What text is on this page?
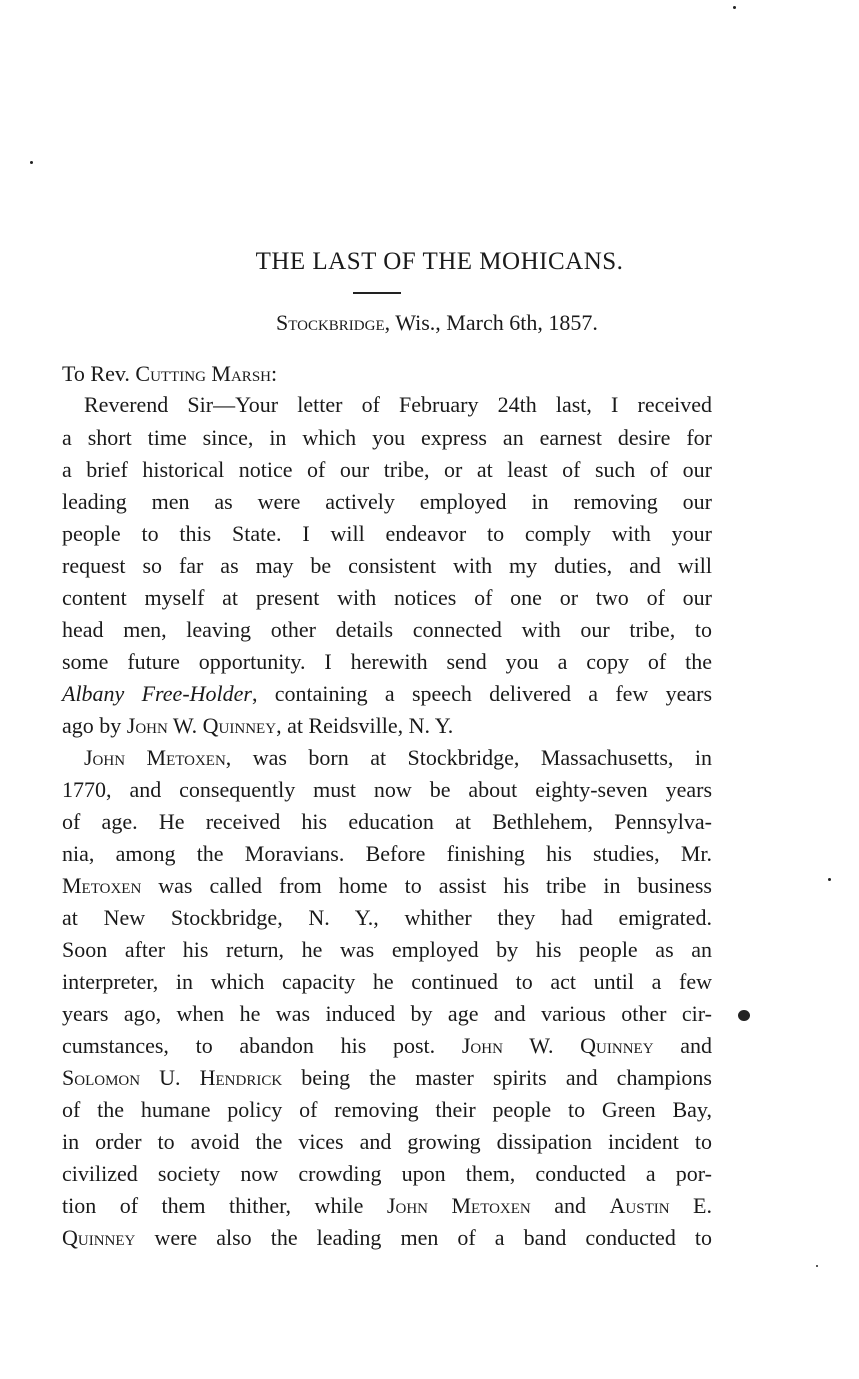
THE LAST OF THE MOHICANS.
Stockbridge, Wis., March 6th, 1857.
To Rev. Cutting Marsh:
Reverend Sir—Your letter of February 24th last, I received
a short time since, in which you express an earnest desire for
a brief historical notice of our tribe, or at least of such of our
leading men as were actively employed in removing our
people to this State. I will endeavor to comply with your
request so far as may be consistent with my duties, and will
content myself at present with notices of one or two of our
head men, leaving other details connected with our tribe, to
some future opportunity. I herewith send you a copy of the
Albany Free-Holder, containing a speech delivered a few years
ago by John W. Quinney, at Reidsville, N. Y.
John Metoxen, was born at Stockbridge, Massachusetts, in
1770, and consequently must now be about eighty-seven years
of age. He received his education at Bethlehem, Pennsylva-
nia, among the Moravians. Before finishing his studies, Mr.
Metoxen was called from home to assist his tribe in business
at New Stockbridge, N. Y., whither they had emigrated.
Soon after his return, he was employed by his people as an
interpreter, in which capacity he continued to act until a few
years ago, when he was induced by age and various other cir-
cumstances, to abandon his post. John W. Quinney and
Solomon U. Hendrick being the master spirits and champions
of the humane policy of removing their people to Green Bay,
in order to avoid the vices and growing dissipation incident to
civilized society now crowding upon them, conducted a por-
tion of them thither, while John Metoxen and Austin E.
Quinney were also the leading men of a band conducted to
